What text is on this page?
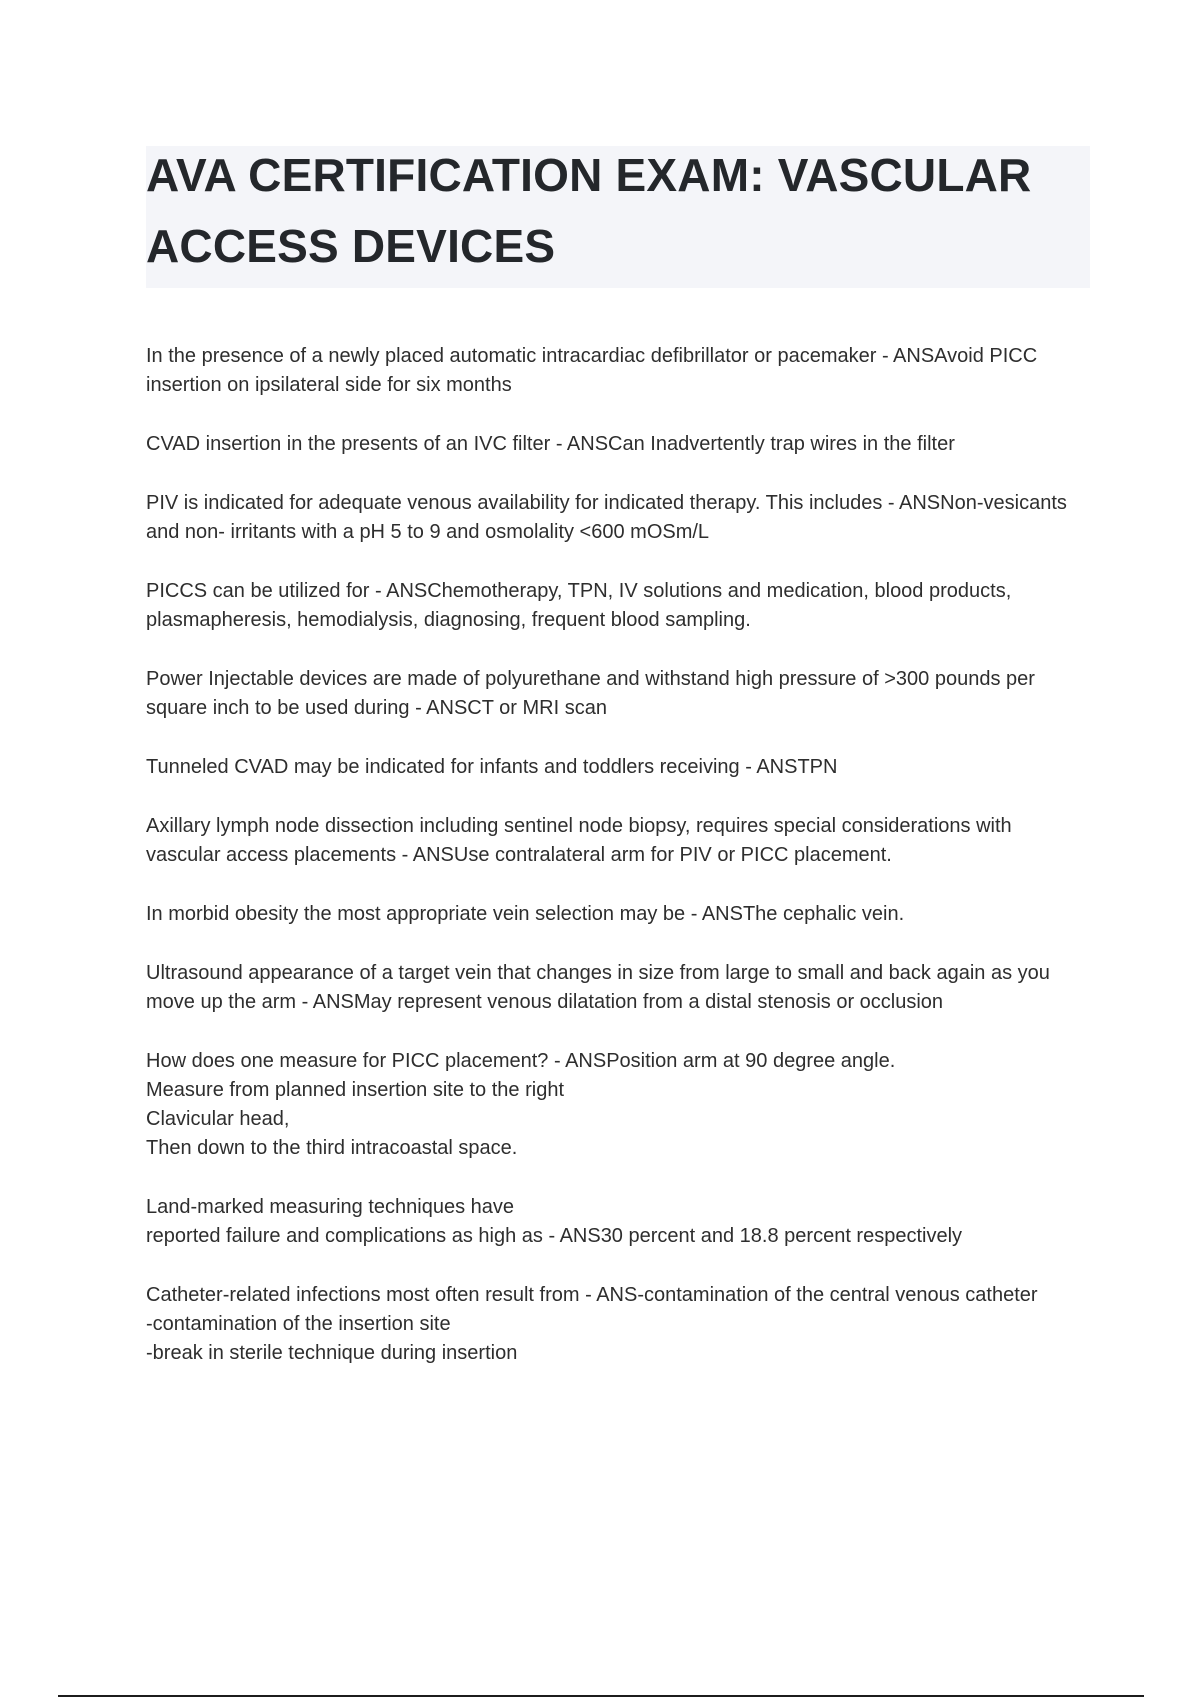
AVA CERTIFICATION EXAM: VASCULAR ACCESS DEVICES

In the presence of a newly placed automatic intracardiac defibrillator or pacemaker - ANSAvoid PICC insertion on ipsilateral side for six months

CVAD insertion in the presents of an IVC filter - ANSCan Inadvertently trap wires in the filter

PIV is indicated for adequate venous availability for indicated therapy. This includes - ANSNon-vesicants and non- irritants with a pH 5 to 9 and osmolality <600 mOSm/L

PICCS can be utilized for - ANSChemotherapy, TPN, IV solutions and medication, blood products, plasmapheresis, hemodialysis, diagnosing, frequent blood sampling.

Power Injectable devices are made of polyurethane and withstand high pressure of >300 pounds per square inch to be used during - ANSCT or MRI scan

Tunneled CVAD may be indicated for infants and toddlers receiving - ANSTPN

Axillary lymph node dissection including sentinel node biopsy, requires special considerations with vascular access placements - ANSUse contralateral arm for PIV or PICC placement.

In morbid obesity the most appropriate vein selection may be - ANSThe cephalic vein.

Ultrasound appearance of a target vein that changes in size from large to small and back again as you move up the arm - ANSMay represent venous dilatation from a distal stenosis or occlusion

How does one measure for PICC placement? - ANSPosition arm at 90 degree angle.
Measure from planned insertion site to the right
Clavicular head,
Then down to the third intracoastal space.

Land-marked measuring techniques have
reported failure and complications as high as - ANS30 percent and 18.8 percent respectively

Catheter-related infections most often result from - ANS-contamination of the central venous catheter
-contamination of the insertion site
-break in sterile technique during insertion
